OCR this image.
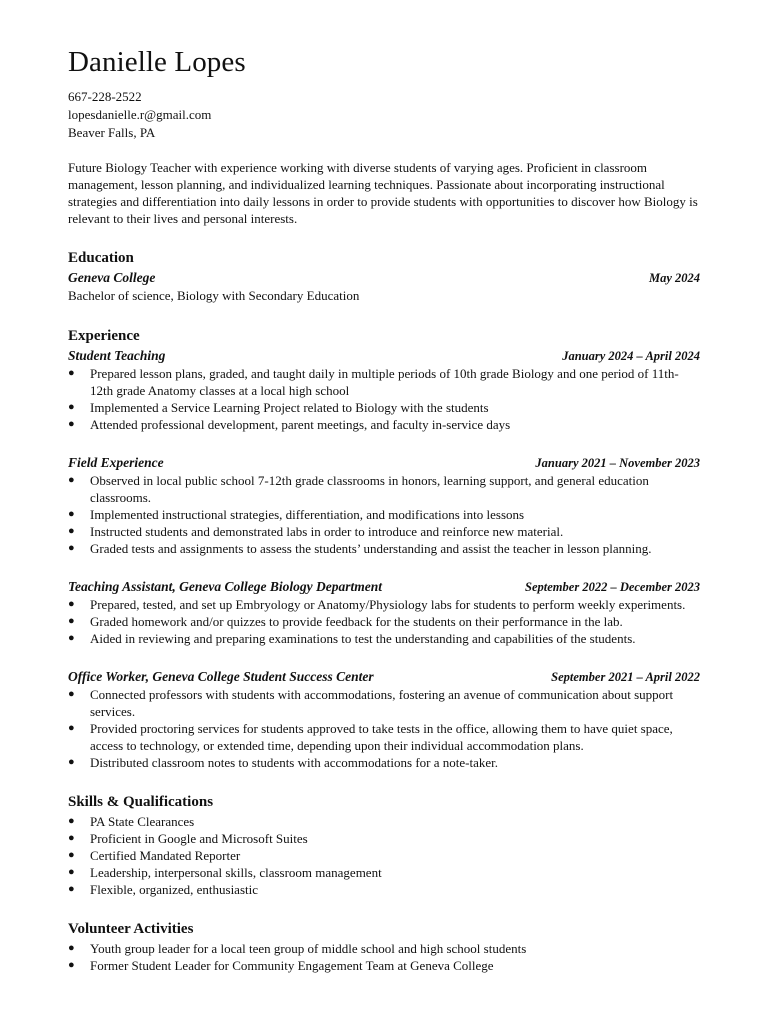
Danielle Lopes
667-228-2522
lopesdanielle.r@gmail.com
Beaver Falls, PA
Future Biology Teacher with experience working with diverse students of varying ages. Proficient in classroom management, lesson planning, and individualized learning techniques. Passionate about incorporating instructional strategies and differentiation into daily lessons in order to provide students with opportunities to discover how Biology is relevant to their lives and personal interests.
Education
Geneva College	May 2024
Bachelor of science, Biology with Secondary Education
Experience
Student Teaching	January 2024 – April 2024
● Prepared lesson plans, graded, and taught daily in multiple periods of 10th grade Biology and one period of 11th-12th grade Anatomy classes at a local high school
● Implemented a Service Learning Project related to Biology with the students
● Attended professional development, parent meetings, and faculty in-service days
Field Experience	January 2021 – November 2023
● Observed in local public school 7-12th grade classrooms in honors, learning support, and general education classrooms.
● Implemented instructional strategies, differentiation, and modifications into lessons
● Instructed students and demonstrated labs in order to introduce and reinforce new material.
● Graded tests and assignments to assess the students’ understanding and assist the teacher in lesson planning.
Teaching Assistant, Geneva College Biology Department	September 2022 – December 2023
● Prepared, tested, and set up Embryology or Anatomy/Physiology labs for students to perform weekly experiments.
● Graded homework and/or quizzes to provide feedback for the students on their performance in the lab.
● Aided in reviewing and preparing examinations to test the understanding and capabilities of the students.
Office Worker, Geneva College Student Success Center	September 2021 – April 2022
● Connected professors with students with accommodations, fostering an avenue of communication about support services.
● Provided proctoring services for students approved to take tests in the office, allowing them to have quiet space, access to technology, or extended time, depending upon their individual accommodation plans.
● Distributed classroom notes to students with accommodations for a note-taker.
Skills & Qualifications
● PA State Clearances
● Proficient in Google and Microsoft Suites
● Certified Mandated Reporter
● Leadership, interpersonal skills, classroom management
● Flexible, organized, enthusiastic
Volunteer Activities
● Youth group leader for a local teen group of middle school and high school students
● Former Student Leader for Community Engagement Team at Geneva College
